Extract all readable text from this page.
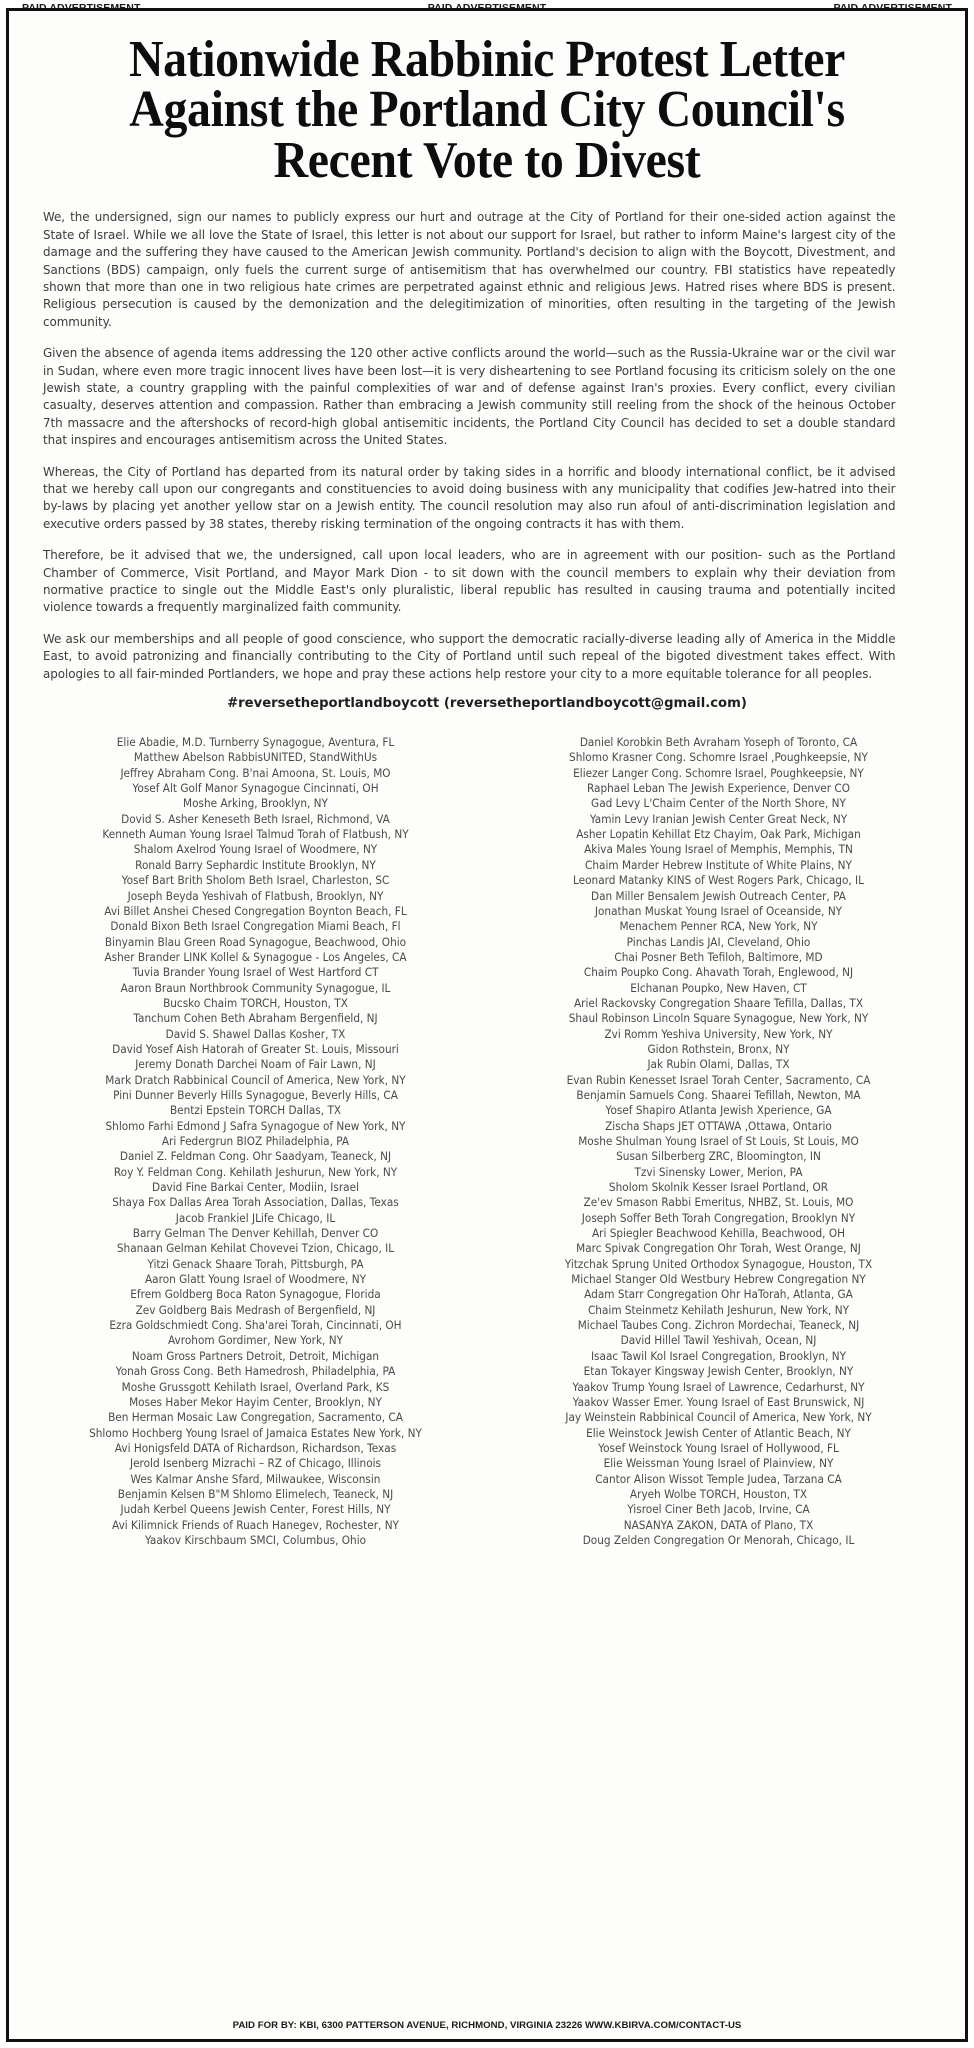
Nationwide Rabbinic Protest Letter Against the Portland City Council's Recent Vote to Divest

We, the undersigned, sign our names to publicly express our hurt and outrage at the City of Portland for their one-sided action against the State of Israel. While we all love the State of Israel, this letter is not about our support for Israel, but rather to inform Maine's largest city of the damage and the suffering they have caused to the American Jewish community. Portland's decision to align with the Boycott, Divestment, and Sanctions (BDS) campaign, only fuels the current surge of antisemitism that has overwhelmed our country. FBI statistics have repeatedly shown that more than one in two religious hate crimes are perpetrated against ethnic and religious Jews. Hatred rises where BDS is present. Religious persecution is caused by the demonization and the delegitimization of minorities, often resulting in the targeting of the Jewish community.

Given the absence of agenda items addressing the 120 other active conflicts around the world—such as the Russia-Ukraine war or the civil war in Sudan, where even more tragic innocent lives have been lost—it is very disheartening to see Portland focusing its criticism solely on the one Jewish state, a country grappling with the painful complexities of war and of defense against Iran's proxies. Every conflict, every civilian casualty, deserves attention and compassion. Rather than embracing a Jewish community still reeling from the shock of the heinous October 7th massacre and the aftershocks of record-high global antisemitic incidents, the Portland City Council has decided to set a double standard that inspires and encourages antisemitism across the United States.

Whereas, the City of Portland has departed from its natural order by taking sides in a horrific and bloody international conflict, be it advised that we hereby call upon our congregants and constituencies to avoid doing business with any municipality that codifies Jew-hatred into their by-laws by placing yet another yellow star on a Jewish entity. The council resolution may also run afoul of anti-discrimination legislation and executive orders passed by 38 states, thereby risking termination of the ongoing contracts it has with them.

Therefore, be it advised that we, the undersigned, call upon local leaders, who are in agreement with our position- such as the Portland Chamber of Commerce, Visit Portland, and Mayor Mark Dion - to sit down with the council members to explain why their deviation from normative practice to single out the Middle East's only pluralistic, liberal republic has resulted in causing trauma and potentially incited violence towards a frequently marginalized faith community.

We ask our memberships and all people of good conscience, who support the democratic racially-diverse leading ally of America in the Middle East, to avoid patronizing and financially contributing to the City of Portland until such repeal of the bigoted divestment takes effect. With apologies to all fair-minded Portlanders, we hope and pray these actions help restore your city to a more equitable tolerance for all peoples.

#reversetheportlandboycott (reversetheportlandboycott@gmail.com)
Elie Abadie, M.D. Turnberry Synagogue, Aventura, FL
Matthew Abelson RabbisUNITED, StandWithUs
Jeffrey Abraham Cong. B'nai Amoona, St. Louis, MO
Yosef Alt Golf Manor Synagogue Cincinnati, OH
Moshe Arking, Brooklyn, NY
Dovid S. Asher Keneseth Beth Israel, Richmond, VA
Kenneth Auman Young Israel Talmud Torah of Flatbush, NY
Shalom Axelrod Young Israel of Woodmere, NY
Ronald Barry Sephardic Institute Brooklyn, NY
Yosef Bart Brith Sholom Beth Israel, Charleston, SC
Joseph Beyda Yeshivah of Flatbush, Brooklyn, NY
Avi Billet Anshei Chesed Congregation Boynton Beach, FL
Donald Bixon Beth Israel Congregation Miami Beach, Fl
Binyamin Blau Green Road Synagogue, Beachwood, Ohio
Asher Brander LINK Kollel & Synagogue - Los Angeles, CA
Tuvia Brander Young Israel of West Hartford CT
Aaron Braun Northbrook Community Synagogue, IL
Bucsko Chaim TORCH, Houston, TX
Tanchum Cohen Beth Abraham Bergenfield, NJ
David S. Shawel Dallas Kosher, TX
David Yosef Aish Hatorah of Greater St. Louis, Missouri
Jeremy Donath Darchei Noam of Fair Lawn, NJ
Mark Dratch Rabbinical Council of America, New York, NY
Pini Dunner Beverly Hills Synagogue, Beverly Hills, CA
Bentzi Epstein TORCH Dallas, TX
Shlomo Farhi Edmond J Safra Synagogue of New York, NY
Ari Federgrun BIOZ Philadelphia, PA
Daniel Z. Feldman Cong. Ohr Saadyam, Teaneck, NJ
Roy Y. Feldman Cong. Kehilath Jeshurun, New York, NY
David Fine Barkai Center, Modiin, Israel
Shaya Fox Dallas Area Torah Association, Dallas, Texas
Jacob Frankiel JLife Chicago, IL
Barry Gelman The Denver Kehillah, Denver CO
Shanaan Gelman Kehilat Chovevei Tzion, Chicago, IL
Yitzi Genack Shaare Torah, Pittsburgh, PA
Aaron Glatt Young Israel of Woodmere, NY
Efrem Goldberg Boca Raton Synagogue, Florida
Zev Goldberg Bais Medrash of Bergenfield, NJ
Ezra Goldschmiedt Cong. Sha'arei Torah, Cincinnati, OH
Avrohom Gordimer, New York, NY
Noam Gross Partners Detroit, Detroit, Michigan
Yonah Gross Cong. Beth Hamedrosh, Philadelphia, PA
Moshe Grussgott Kehilath Israel, Overland Park, KS
Moses Haber Mekor Hayim Center, Brooklyn, NY
Ben Herman Mosaic Law Congregation, Sacramento, CA
Shlomo Hochberg Young Israel of Jamaica Estates New York, NY
Avi Honigsfeld DATA of Richardson, Richardson, Texas
Jerold Isenberg Mizrachi – RZ of Chicago, Illinois
Wes Kalmar Anshe Sfard, Milwaukee, Wisconsin
Benjamin Kelsen B"M Shlomo Elimelech, Teaneck, NJ
Judah Kerbel Queens Jewish Center, Forest Hills, NY
Avi Kilimnick Friends of Ruach Hanegev, Rochester, NY
Yaakov Kirschbaum SMCI, Columbus, Ohio
Daniel Korobkin Beth Avraham Yoseph of Toronto, CA
Shlomo Krasner Cong. Schomre Israel ,Poughkeepsie, NY
Eliezer Langer Cong. Schomre Israel, Poughkeepsie, NY
Raphael Leban The Jewish Experience, Denver CO
Gad Levy L'Chaim Center of the North Shore, NY
Yamin Levy Iranian Jewish Center Great Neck, NY
Asher Lopatin Kehillat Etz Chayim, Oak Park, Michigan
Akiva Males Young Israel of Memphis, Memphis, TN
Chaim Marder Hebrew Institute of White Plains, NY
Leonard Matanky KINS of West Rogers Park, Chicago, IL
Dan Miller Bensalem Jewish Outreach Center, PA
Jonathan Muskat Young Israel of Oceanside, NY
Menachem Penner RCA, New York, NY
Pinchas Landis JAI, Cleveland, Ohio
Chai Posner Beth Tefiloh, Baltimore, MD
Chaim Poupko Cong. Ahavath Torah, Englewood, NJ
Elchanan Poupko, New Haven, CT
Ariel Rackovsky Congregation Shaare Tefilla, Dallas, TX
Shaul Robinson Lincoln Square Synagogue, New York, NY
Zvi Romm Yeshiva University, New York, NY
Gidon Rothstein, Bronx, NY
Jak Rubin Olami, Dallas, TX
Evan Rubin Kenesset Israel Torah Center, Sacramento, CA
Benjamin Samuels Cong. Shaarei Tefillah, Newton, MA
Yosef Shapiro Atlanta Jewish Xperience, GA
Zischa Shaps JET OTTAWA ,Ottawa, Ontario
Moshe Shulman Young Israel of St Louis, St Louis, MO
Susan Silberberg ZRC, Bloomington, IN
Tzvi Sinensky Lower, Merion, PA
Sholom Skolnik Kesser Israel Portland, OR
Ze'ev Smason Rabbi Emeritus, NHBZ, St. Louis, MO
Joseph Soffer Beth Torah Congregation, Brooklyn NY
Ari Spiegler Beachwood Kehilla, Beachwood, OH
Marc Spivak Congregation Ohr Torah, West Orange, NJ
Yitzchak Sprung United Orthodox Synagogue, Houston, TX
Michael Stanger Old Westbury Hebrew Congregation NY
Adam Starr Congregation Ohr HaTorah, Atlanta, GA
Chaim Steinmetz Kehilath Jeshurun, New York, NY
Michael Taubes Cong. Zichron Mordechai, Teaneck, NJ
David Hillel Tawil Yeshivah, Ocean, NJ
Isaac Tawil Kol Israel Congregation, Brooklyn, NY
Etan Tokayer Kingsway Jewish Center, Brooklyn, NY
Yaakov Trump Young Israel of Lawrence, Cedarhurst, NY
Yaakov Wasser Emer. Young Israel of East Brunswick, NJ
Jay Weinstein Rabbinical Council of America, New York, NY
Elie Weinstock Jewish Center of Atlantic Beach, NY
Yosef Weinstock Young Israel of Hollywood, FL
Elie Weissman Young Israel of Plainview, NY
Cantor Alison Wissot Temple Judea, Tarzana CA
Aryeh Wolbe TORCH, Houston, TX
Yisroel Ciner Beth Jacob, Irvine, CA
NASANYA ZAKON, DATA of Plano, TX
Doug Zelden Congregation Or Menorah, Chicago, IL
PAID FOR BY: KBI, 6300 PATTERSON AVENUE, RICHMOND, VIRGINIA 23226 WWW.KBIRVA.COM/CONTACT-US
